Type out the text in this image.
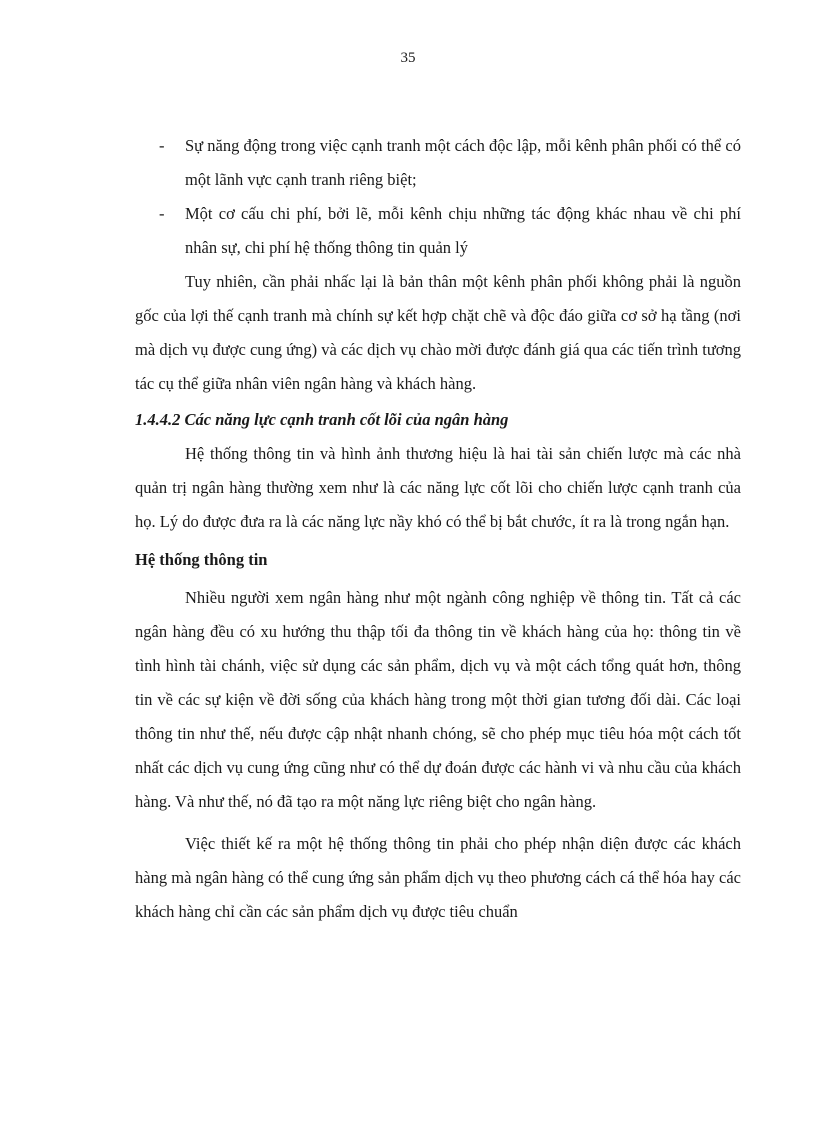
35
- Sự năng động trong việc cạnh tranh một cách độc lập, mỗi kênh phân phối có thể có một lãnh vực cạnh tranh riêng biệt;
- Một cơ cấu chi phí, bởi lẽ, mỗi kênh chịu những tác động khác nhau về chi phí nhân sự, chi phí hệ thống thông tin quản lý

Tuy nhiên, cần phải nhấc lại là bản thân một kênh phân phối không phải là nguồn gốc của lợi thế cạnh tranh mà chính sự kết hợp chặt chẽ và độc đáo giữa cơ sở hạ tầng (nơi mà dịch vụ được cung ứng) và các dịch vụ chào mời được đánh giá qua các tiến trình tương tác cụ thể giữa nhân viên ngân hàng và khách hàng.

1.4.4.2 Các năng lực cạnh tranh cốt lõi của ngân hàng

Hệ thống thông tin và hình ảnh thương hiệu là hai tài sản chiến lược mà các nhà quản trị ngân hàng thường xem như là các năng lực cốt lõi cho chiến lược cạnh tranh của họ. Lý do được đưa ra là các năng lực nầy khó có thể bị bắt chước, ít ra là trong ngắn hạn.

Hệ thống thông tin

Nhiều người xem ngân hàng như một ngành công nghiệp về thông tin. Tất cả các ngân hàng đều có xu hướng thu thập tối đa thông tin về khách hàng của họ: thông tin về tình hình tài chánh, việc sử dụng các sản phẩm, dịch vụ và một cách tổng quát hơn, thông tin về các sự kiện về đời sống của khách hàng trong một thời gian tương đối dài. Các loại thông tin như thế, nếu được cập nhật nhanh chóng, sẽ cho phép mục tiêu hóa một cách tốt nhất các dịch vụ cung ứng cũng như có thể dự đoán được các hành vi và nhu cầu của khách hàng. Và như thế, nó đã tạo ra một năng lực riêng biệt cho ngân hàng.

Việc thiết kế ra một hệ thống thông tin phải cho phép nhận diện được các khách hàng mà ngân hàng có thể cung ứng sản phẩm dịch vụ theo phương cách cá thể hóa hay các khách hàng chỉ cần các sản phẩm dịch vụ được tiêu chuẩn
